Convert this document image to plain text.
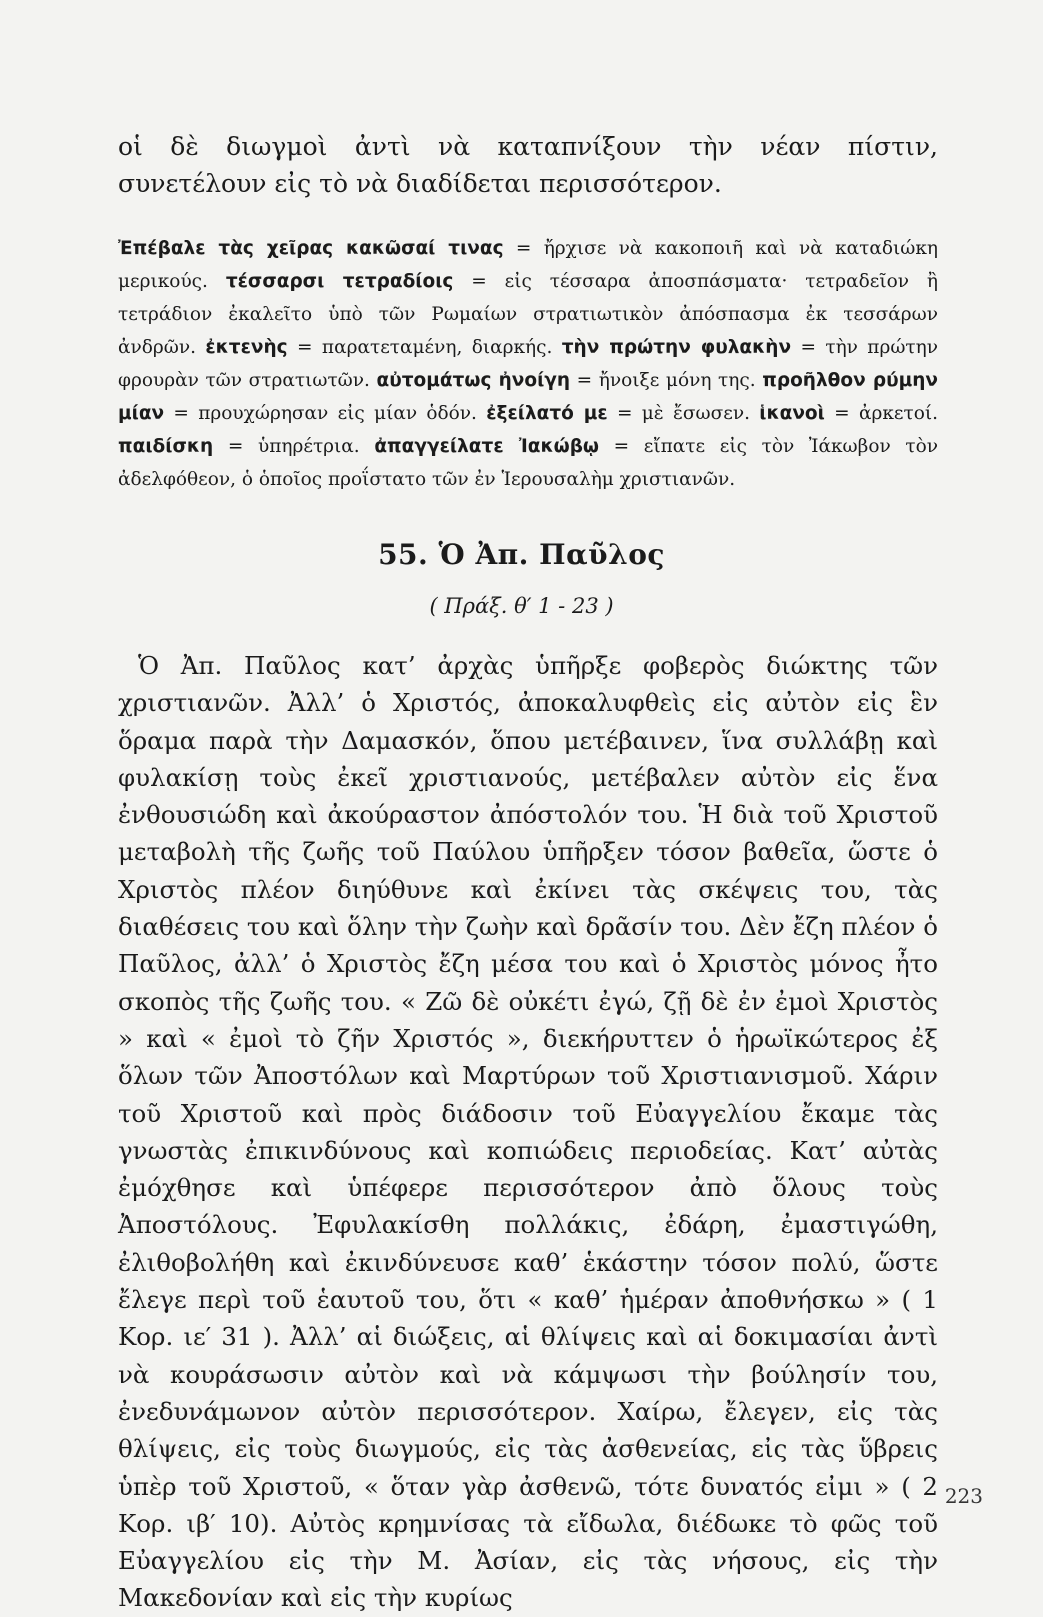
οἱ δὲ διωγμοὶ ἀντὶ νὰ καταπνίξουν τὴν νέαν πίστιν, συνετέλουν εἰς τὸ νὰ διαδίδεται περισσότερον.
Ἐπέβαλε τὰς χεῖρας κακῶσαί τινας = ἤρχισε νὰ κακοποιῆ καὶ νὰ καταδιώκη μερικούς. τέσσαρσι τετραδίοις = εἰς τέσσαρα ἀποσπάσματα· τετραδεῖον ἢ τετράδιον ἐκαλεῖτο ὑπὸ τῶν Ρωμαίων στρατιωτικὸν ἀπόσπασμα ἐκ τεσσάρων ἀνδρῶν. ἐκτενὴς = παρατεταμένη, διαρκής. τὴν πρώτην φυλακὴν = τὴν πρώτην φρουρὰν τῶν στρατιωτῶν. αὐτομάτως ἠνοίγη = ἤνοιξε μόνη της. προῆλθον ρύμην μίαν = προυχώρησαν εἰς μίαν ὁδόν. ἐξείλατό με = μὲ ἔσωσεν. ἱκανοὶ = ἀρκετοί. παιδίσκη = ὑπηρέτρια. ἀπαγγείλατε Ἰακώβῳ = εἴπατε εἰς τὸν Ἰάκωβον τὸν ἀδελφόθεον, ὁ ὁποῖος προΐστατο τῶν ἐν Ἱερουσαλὴμ χριστιανῶν.
55. Ὁ Ἀπ. Παῦλος
( Πράξ. θ′ 1 - 23 )

Ὁ Ἀπ. Παῦλος κατ’ ἀρχὰς ὑπῆρξε φοβερὸς διώκτης τῶν χριστιανῶν. Ἀλλ’ ὁ Χριστός, ἀποκαλυφθεὶς εἰς αὐτὸν εἰς ἓν ὅραμα παρὰ τὴν Δαμασκόν, ὅπου μετέβαινεν, ἵνα συλλάβῃ καὶ φυλακίσῃ τοὺς ἐκεῖ χριστιανούς, μετέβαλεν αὐτὸν εἰς ἕνα ἐνθουσιώδη καὶ ἀκούραστον ἀπόστολόν του. Ἡ διὰ τοῦ Χριστοῦ μεταβολὴ τῆς ζωῆς τοῦ Παύλου ὑπῆρξεν τόσον βαθεῖα, ὥστε ὁ Χριστὸς πλέον διηύθυνε καὶ ἐκίνει τὰς σκέψεις του, τὰς διαθέσεις του καὶ ὅλην τὴν ζωὴν καὶ δρᾶσίν του. Δὲν ἔζη πλέον ὁ Παῦλος, ἀλλ’ ὁ Χριστὸς ἔζη μέσα του καὶ ὁ Χριστὸς μόνος ἦτο σκοπὸς τῆς ζωῆς του. « Ζῶ δὲ οὐκέτι ἐγώ, ζῇ δὲ ἐν ἐμοὶ Χριστὸς » καὶ « ἐμοὶ τὸ ζῆν Χριστός », διεκήρυττεν ὁ ἡρωϊκώτερος ἐξ ὅλων τῶν Ἀποστόλων καὶ Μαρτύρων τοῦ Χριστιανισμοῦ. Χάριν τοῦ Χριστοῦ καὶ πρὸς διάδοσιν τοῦ Εὐαγγελίου ἔκαμε τὰς γνωστὰς ἐπικινδύνους καὶ κοπιώδεις περιοδείας. Κατ’ αὐτὰς ἐμόχθησε καὶ ὑπέφερε περισσότερον ἀπὸ ὅλους τοὺς Ἀποστόλους. Ἐφυλακίσθη πολλάκις, ἐδάρη, ἐμαστιγώθη, ἐλιθοβολήθη καὶ ἐκινδύνευσε καθ’ ἑκάστην τόσον πολύ, ὥστε ἔλεγε περὶ τοῦ ἑαυτοῦ του, ὅτι « καθ’ ἡμέραν ἀποθνήσκω » ( 1 Κορ. ιε′ 31 ). Ἀλλ’ αἱ διώξεις, αἱ θλίψεις καὶ αἱ δοκιμασίαι ἀντὶ νὰ κουράσωσιν αὐτὸν καὶ νὰ κάμψωσι τὴν βούλησίν του, ἐνεδυνάμωνον αὐτὸν περισσότερον. Χαίρω, ἔλεγεν, εἰς τὰς θλίψεις, εἰς τοὺς διωγμούς, εἰς τὰς ἀσθενείας, εἰς τὰς ὕβρεις ὑπὲρ τοῦ Χριστοῦ, « ὅταν γὰρ ἀσθενῶ, τότε δυνατός εἰμι » ( 2 Κορ. ιβ′ 10). Αὐτὸς κρημνίσας τὰ εἴδωλα, διέδωκε τὸ φῶς τοῦ Εὐαγγελίου εἰς τὴν Μ. Ἀσίαν, εἰς τὰς νήσους, εἰς τὴν Μακεδονίαν καὶ εἰς τὴν κυρίως

223
